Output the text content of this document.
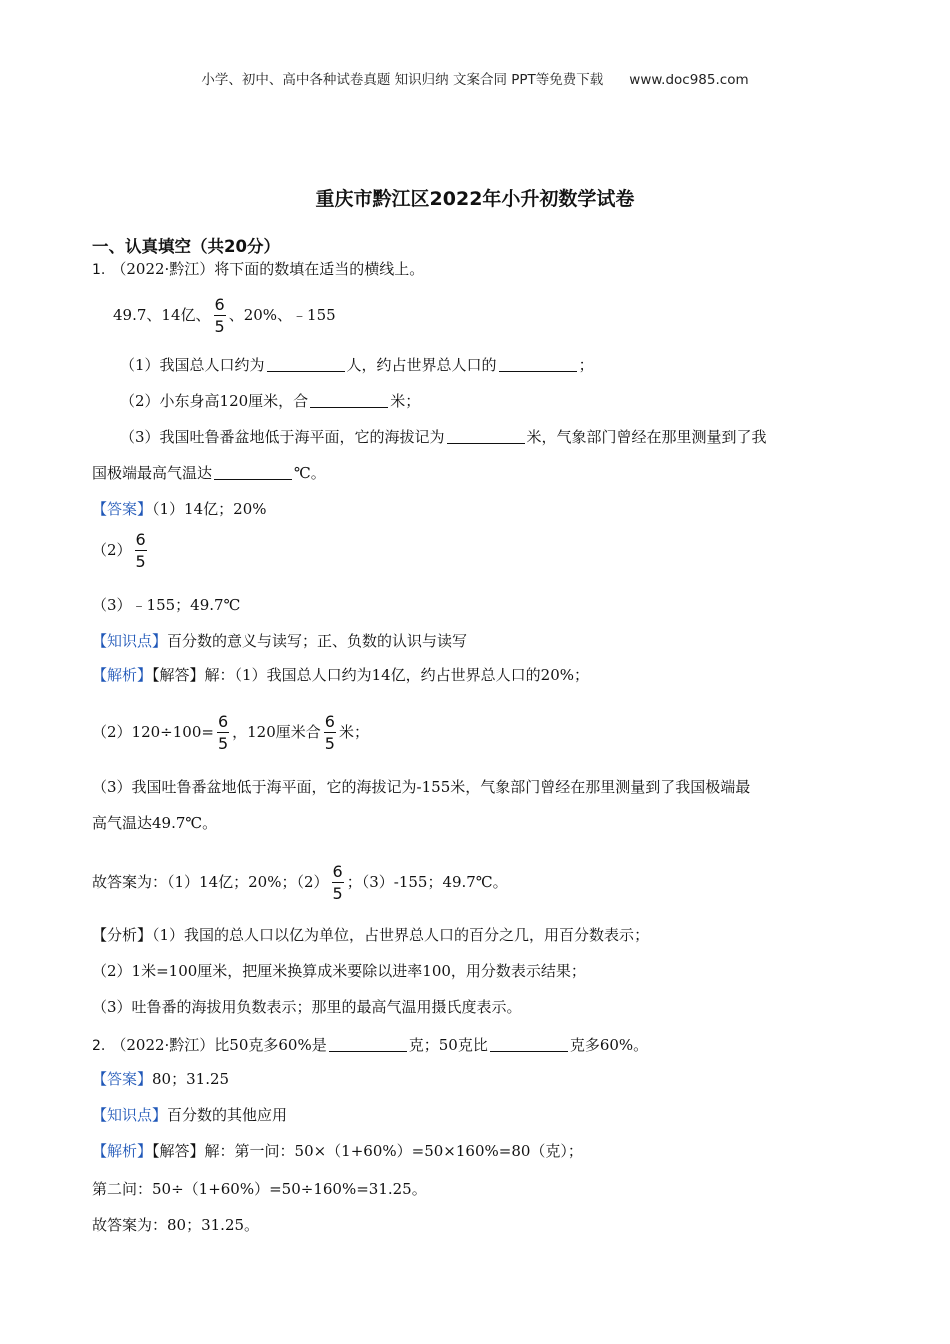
小学、初中、高中各种试卷真题 知识归纳 文案合同 PPT等免费下载 www.doc985.com
重庆市黔江区2022年小升初数学试卷
一、认真填空（共20分）
1. （2022·黔江）将下面的数填在适当的横线上。
49.7、14亿、 $\frac{6}{5}$ 、20%、﹣155
（1）我国总人口约为	人，约占世界总人口的	；
（2）小东身高120厘米，合	米；
（3）我国吐鲁番盆地低于海平面，它的海拔记为	米，气象部门曾经在那里测量到了我
国极端最高气温达	℃。
【答案】（1）14亿；20%
$(2) \frac{6}{5}$
（3）﹣155；49.7℃
【知识点】百分数的意义与读写；正、负数的认识与读写
【解析】【解答】解：（1）我国总人口约为14亿，约占世界总人口的20%；
$(2)120\div 100= \frac{6}{5}$ ，120厘米合 $\frac{6}{5}$ 米；
（3）我国吐鲁番盆地低于海平面，它的海拔记为-155米，气象部门曾经在那里测量到了我国极端最
高气温达49.7℃。
故答案为：（1）14亿；20%；$(2) \frac{6}{5}$ ；（3）-155；49.7℃。
【分析】（1）我国的总人口以亿为单位，占世界总人口的百分之几，用百分数表示；
（2）1米=100厘米，把厘米换算成米要除以进率100，用分数表示结果；
（3）吐鲁番的海拔用负数表示；那里的最高气温用摄氏度表示。
2. （2022·黔江）比50克多60%是	克；50克比	克多60%。
【答案】80；31.25
【知识点】百分数的其他应用
【解析】【解答】解：第一问：50×（1+60%）=50×160%=80（克）；
第二问：50÷（1+60%）=50÷160%=31.25。
故答案为：80；31.25。
